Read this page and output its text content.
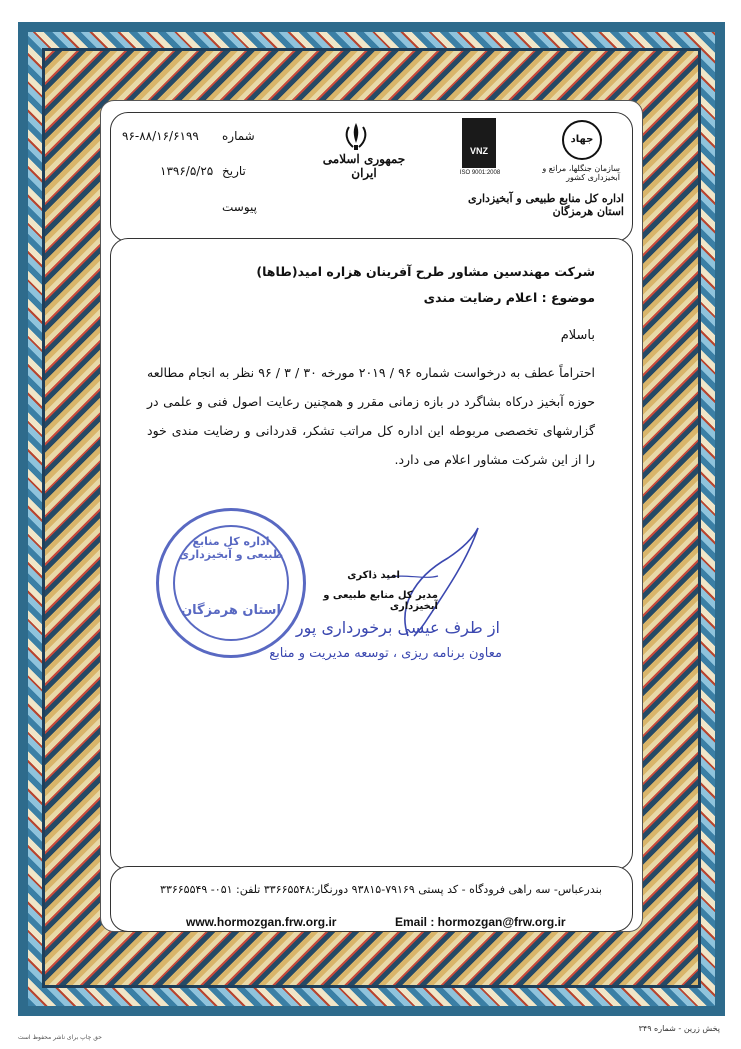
شماره
۹۶-۸۸/۱۶/۶۱۹۹
تاریخ
۱۳۹۶/۵/۲۵
پیوست
جمهوری اسلامی ایران
VNZ
ISO 9001:2008
جهاد
سازمان جنگلها، مراتع و آبخیزداری کشور
اداره کل منابع طبیعی و آبخیزداری استان هرمزگان
شرکت مهندسین مشاور طرح آفرینان هزاره امید(طاها)
موضوع : اعلام رضایت مندی
باسلام
احتراماً عطف به درخواست شماره ۹۶ / ۲۰۱۹ مورخه ۳۰ / ۳ / ۹۶ نظر به انجام مطالعه حوزه آبخیز درکاه بشاگرد در بازه زمانی مقرر و همچنین رعایت اصول فنی و علمی در گزارشهای تخصصی مربوطه این اداره کل مراتب تشکر، قدردانی و رضایت مندی خود را از این شرکت مشاور اعلام می دارد.
اداره کل منابع طبیعی و آبخیزداری
استان هرمزگان
امید ذاکری
مدیر کل منابع طبیعی و آبخیزداری
از طرف عیسی برخورداری پور
معاون برنامه ریزی ، توسعه مدیریت و منابع
بندرعباس- سه راهی فرودگاه - کد پستی ۷۹۱۶۹-۹۳۸۱۵ دورنگار:۳۳۶۶۵۵۴۸ تلفن: ۰۵۱- ۳۳۶۶۵۵۴۹
www.hormozgan.frw.org.ir	Email : hormozgan@frw.org.ir
پخش زرین - شماره ۳۴۹
حق چاپ برای ناشر محفوظ است
